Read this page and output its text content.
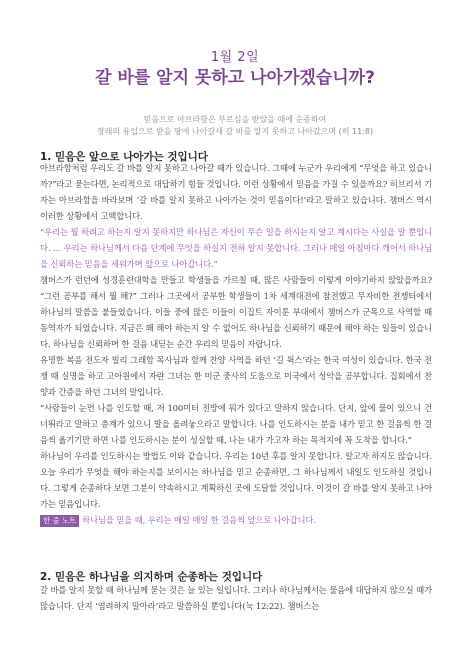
1월 2일
갈 바를 알지 못하고 나아가겠습니까?
믿음으로 아브라함은 부르심을 받았을 때에 순종하여
장래의 유업으로 받을 땅에 나아갈새 갈 바를 알지 못하고 나아갔으며 (히 11:8)
1. 믿음은 앞으로 나아가는 것입니다

아브라함처럼 우리도 갈 바를 알지 못하고 나아갈 때가 있습니다. 그때에 누군가 우리에게 “무엇을 하고 있습니까?”라고 묻는다면, 논리적으로 대답하기 힘들 것입니다. 이런 상황에서 믿음을 가질 수 있을까요? 히브리서 기자는 아브라함을 바라보며 ‘갈 바를 알지 못하고 나아가는 것이 믿음이다!’라고 말하고 있습니다. 챔버스 역시 이러한 상황에서 고백합니다.

“우리는 뭘 하려고 하는지 알지 못하지만 하나님은 자신이 무슨 일을 하시는지 알고 계시다는 사실을 알 뿐입니다. … 우리는 하나님께서 다음 단계에 무엇을 하실지 전혀 알지 못합니다. 그러나 매일 아침마다 깨어서 하나님을 신뢰하는 믿음을 세워가며 앞으로 나아갑니다.”

챔버스가 런던에 성경훈련대학을 만들고 학생들을 가르칠 때, 많은 사람들이 이렇게 이야기하지 않았을까요? “그런 공부를 해서 뭘 해?” 그러나 그곳에서 공부한 학생들이 1차 세계대전에 참전했고 무자비한 전쟁터에서 하나님의 말씀을 붙들었습니다. 이들 중에 많은 이들이 이집트 자이툰 부대에서 챔버스가 군목으로 사역할 때 동역자가 되었습니다. 지금은 왜 해야 하는지 알 수 없어도 하나님을 신뢰하기 때문에 해야 하는 일들이 있습니다. 하나님을 신뢰하며 한 걸음 내딛는 순간 우리의 믿음이 자랍니다.

유명한 복음 전도자 빌리 그래함 목사님과 함께 찬양 사역을 하던 ‘길 윅스’라는 한국 여성이 있습니다. 한국 전쟁 때 실명을 하고 고아원에서 자란 그녀는 한 미군 중사의 도움으로 미국에서 성악을 공부합니다. 집회에서 찬양과 간증을 하던 그녀의 말입니다.

“사람들이 눈먼 나를 인도할 때, 저 100미터 전방에 뭐가 있다고 말하지 않습니다. 단지, 앞에 물이 있으니 건너뛰라고 말하고 층계가 있으니 발을 올려놓으라고 말합니다. 나를 인도하시는 분을 내가 믿고 한 걸음씩 한 걸음씩 옮기기만 하면 나를 인도하시는 분이 성실할 때, 나는 내가 가고자 하는 목적지에 꼭 도착을 합니다.”

하나님이 우리를 인도하시는 방법도 이와 같습니다. 우리는 10년 후를 알지 못합니다. 알고자 하지도 않습니다. 오늘 우리가 무엇을 해야 하는지를 보이시는 하나님을 믿고 순종하면, 그 하나님께서 내일도 인도하실 것입니다. 그렇게 순종하다 보면 그분이 약속하시고 계획하신 곳에 도달할 것입니다. 이것이 갈 바를 알지 못하고 나아가는 믿음입니다.

한 줄 노트 하나님을 믿을 때, 우리는 매일 매일 한 걸음씩 앞으로 나아갑니다.

2. 믿음은 하나님을 의지하며 순종하는 것입니다

갈 바를 알지 못할 때 하나님께 묻는 것은 늘 있는 일입니다. 그러나 하나님께서는 물음에 대답하지 않으실 때가 많습니다. 단지 ‘염려하지 말아라’라고 말씀하실 뿐입니다(눅 12:22). 챔버스는
